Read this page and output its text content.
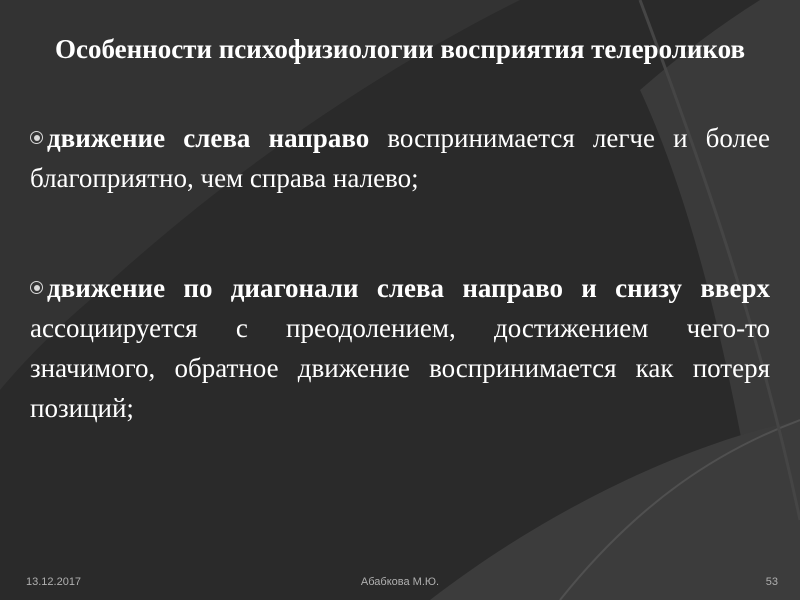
Особенности психофизиологии восприятия телероликов

движение слева направо воспринимается легче и более благоприятно, чем справа налево;

движение по диагонали слева направо и снизу вверх ассоциируется с преодолением, достижением чего-то значимого, обратное движение воспринимается как потеря позиций;

13.12.2017	Абабкова М.Ю.	53
